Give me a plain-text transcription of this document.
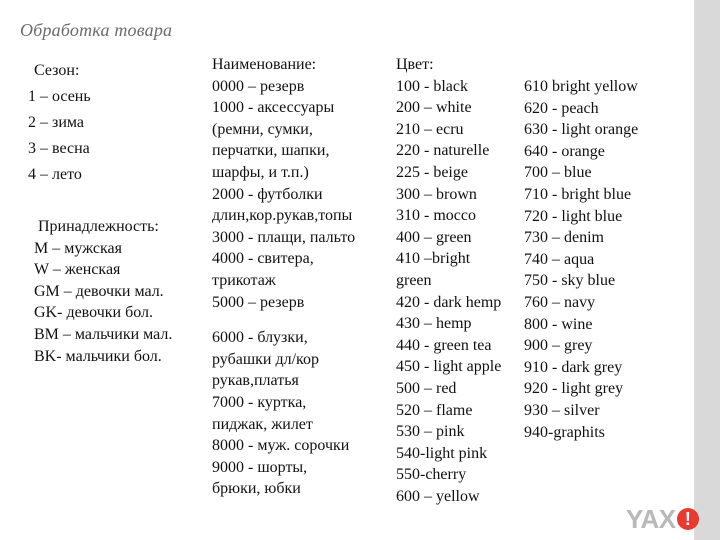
Обработка товара
Сезон:
1 – осень
2 – зима
3 – весна
4 – лето
Принадлежность:
М – мужская
W – женская
GM – девочки мал.
GK- девочки бол.
BM – мальчики мал.
BK- мальчики бол.
Наименование:
0000 – резерв
1000 - аксессуары
(ремни, сумки,
перчатки, шапки,
шарфы, и т.п.)
2000 - футболки
длин,кор.рукав,топы
3000 - плащи, пальто
4000 - свитера,
трикотаж
5000 – резерв
6000 - блузки,
рубашки дл/кор
рукав,платья
7000 - куртка,
пиджак, жилет
8000 - муж. сорочки
9000 - шорты,
брюки, юбки
Цвет:
100 - black
200 – white
210 – ecru
220 - naturelle
225 - beige
300 – brown
310 - mocco
400 – green
410 –bright
green
420 - dark hemp
430 – hemp
440 - green tea
450 - light apple
500 – red
520 – flame
530 – pink
540-light pink
550-cherry
600 – yellow
610 bright yellow
620 - peach
630 - light orange
640 - orange
700 – blue
710 - bright blue
720 - light blue
730 – denim
740 – aqua
750 - sky blue
760 – navy
800 - wine
900 – grey
910 - dark grey
920 - light grey
930 – silver
940-graphits
YAX !
